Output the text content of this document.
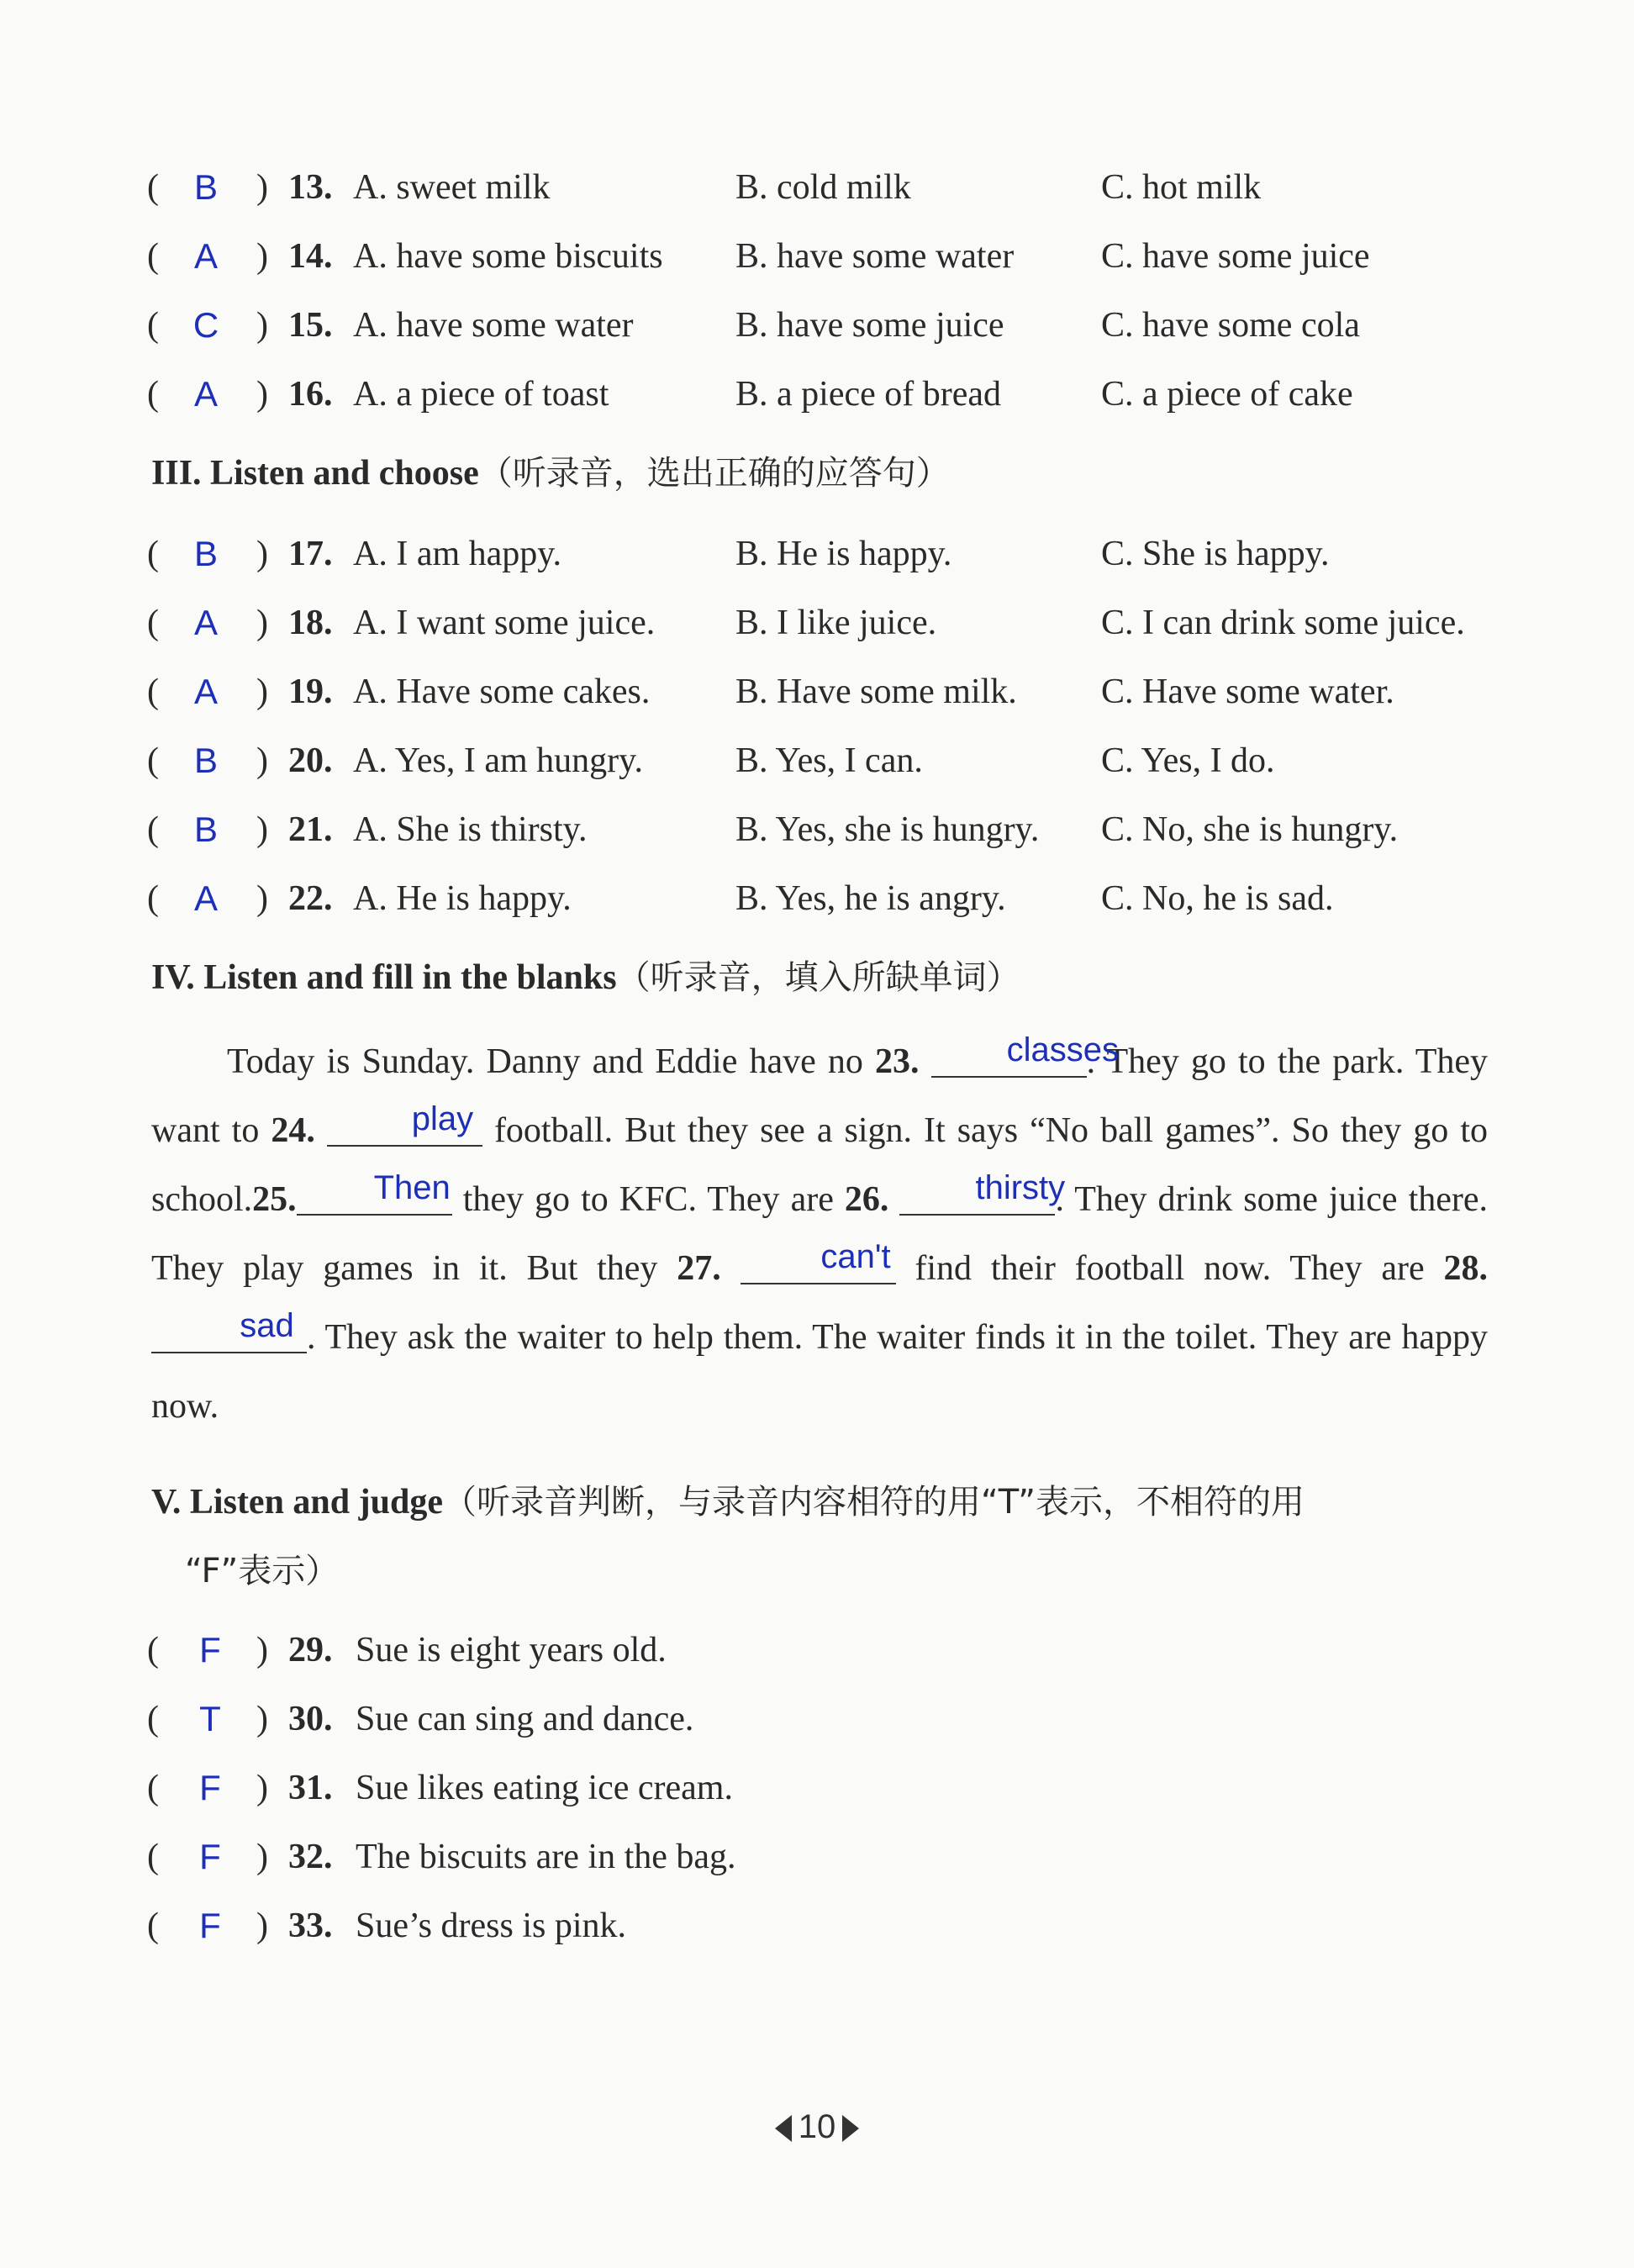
( B	) 13. A. sweet milk	B. cold milk	C. hot milk
( A	) 14. A. have some biscuits B. have some water C. have some juice
( C	) 15. A. have some water	B. have some juice	C. have some cola
( A	) 16. A. a piece of toast	B. a piece of bread	C. a piece of cake
III. Listen and choose（听录音，选出正确的应答句）
( B	) 17. A. I am happy.	B. He is happy.	C. She is happy.
( A	) 18. A. I want some juice. B. I like juice.	C. I can drink some juice.
( A	) 19. A. Have some cakes. B. Have some milk. C. Have some water.
( B	) 20. A. Yes, I am hungry.	B. Yes, I can.	C. Yes, I do.
( B	) 21. A. She is thirsty.	B. Yes, she is hungry. C. No, she is hungry.
( A	) 22. A. He is happy.	B. Yes, he is angry.	C. No, he is sad.
IV. Listen and fill in the blanks（听录音，填入所缺单词）
Today is Sunday. Danny and Eddie have no 23.	classes
. They go to the park. They want to 24.	play football. But they see a sign. It says “No ball games”. So they go to school.25.	Then they go to KFC. They are 26.	thirsty
. They drink some juice there. They play games in it. But they 27.	can't find their football now. They are 28.
sad . They ask the waiter to help them. The waiter finds it in the toilet. They are happy now.
V. Listen and judge（听录音判断，与录音内容相符的用“T”表示，不相符的用
“F”表示）
(	F	) 29. Sue is eight years old.
(	T	) 30. Sue can sing and dance.
(	F	) 31. Sue likes eating ice cream.
(	F	) 32. The biscuits are in the bag.
(	F	) 33. Sue’s dress is pink.
10
